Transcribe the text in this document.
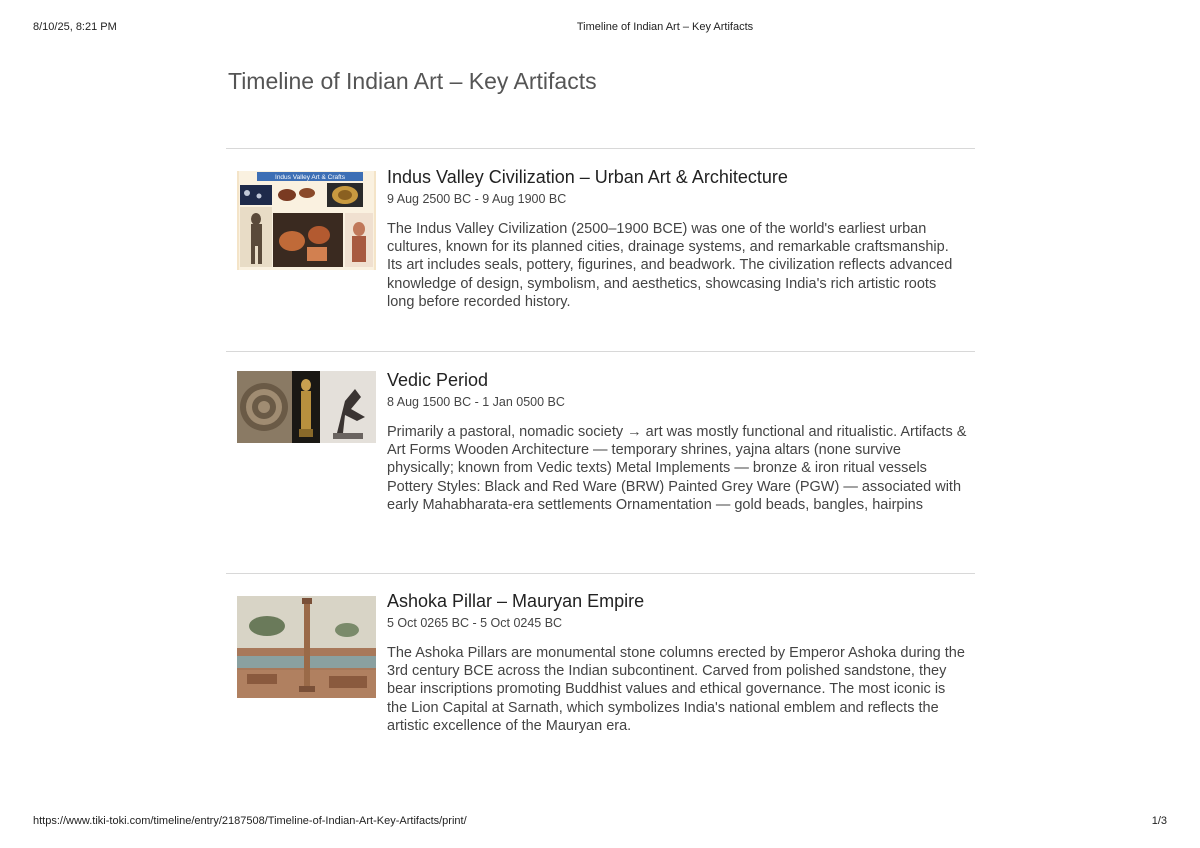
8/10/25, 8:21 PM	Timeline of Indian Art – Key Artifacts
Timeline of Indian Art – Key Artifacts
Indus Valley Art & Crafts Indus Valley Civilization – Urban Art & Architecture
9 Aug 2500 BC - 9 Aug 1900 BC
The Indus Valley Civilization (2500–1900 BCE) was one of the world's earliest urban cultures, known for its planned cities, drainage systems, and remarkable craftsmanship. Its art includes seals, pottery, figurines, and beadwork. The civilization reflects advanced knowledge of design, symbolism, and aesthetics, showcasing India's rich artistic roots long before recorded history.
Vedic Period
8 Aug 1500 BC - 1 Jan 0500 BC
Primarily a pastoral, nomadic society → art was mostly functional and ritualistic. Artifacts & Art Forms Wooden Architecture — temporary shrines, yajna altars (none survive physically; known from Vedic texts) Metal Implements — bronze & iron ritual vessels Pottery Styles: Black and Red Ware (BRW) Painted Grey Ware (PGW) — associated with early Mahabharata-era settlements Ornamentation — gold beads, bangles, hairpins
Ashoka Pillar – Mauryan Empire
5 Oct 0265 BC - 5 Oct 0245 BC
The Ashoka Pillars are monumental stone columns erected by Emperor Ashoka during the 3rd century BCE across the Indian subcontinent. Carved from polished sandstone, they bear inscriptions promoting Buddhist values and ethical governance. The most iconic is the Lion Capital at Sarnath, which symbolizes India's national emblem and reflects the artistic excellence of the Mauryan era.
https://www.tiki-toki.com/timeline/entry/2187508/Timeline-of-Indian-Art-Key-Artifacts/print/	1/3
